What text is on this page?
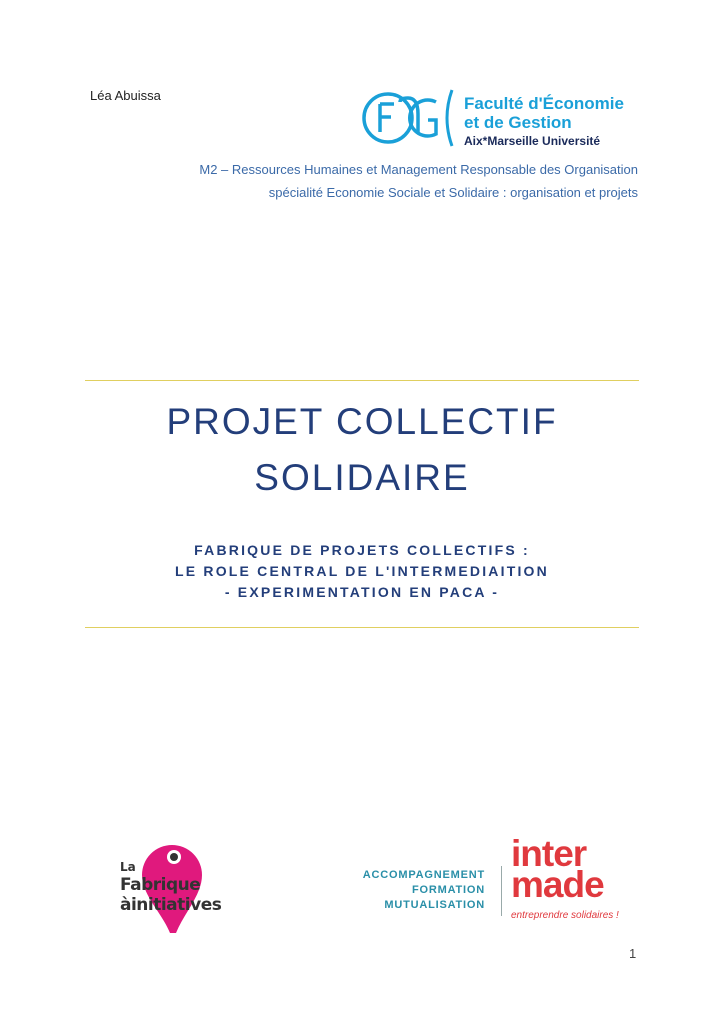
Léa Abuissa	Faculté d'Économie
et de Gestion
Aix*Marseille Université
M2 – Ressources Humaines et Management Responsable des Organisation
spécialité Economie Sociale et Solidaire : organisation et projets
PROJET COLLECTIF
SOLIDAIRE
FABRIQUE DE PROJETS COLLECTIFS :
LE ROLE CENTRAL DE L'INTERMEDIAITION
- EXPERIMENTATION EN PACA -
La
Fabrique
àinitiatives
ACCOMPAGNEMENT
FORMATION
MUTUALISATION
inter made
entreprendre solidaires !
1
